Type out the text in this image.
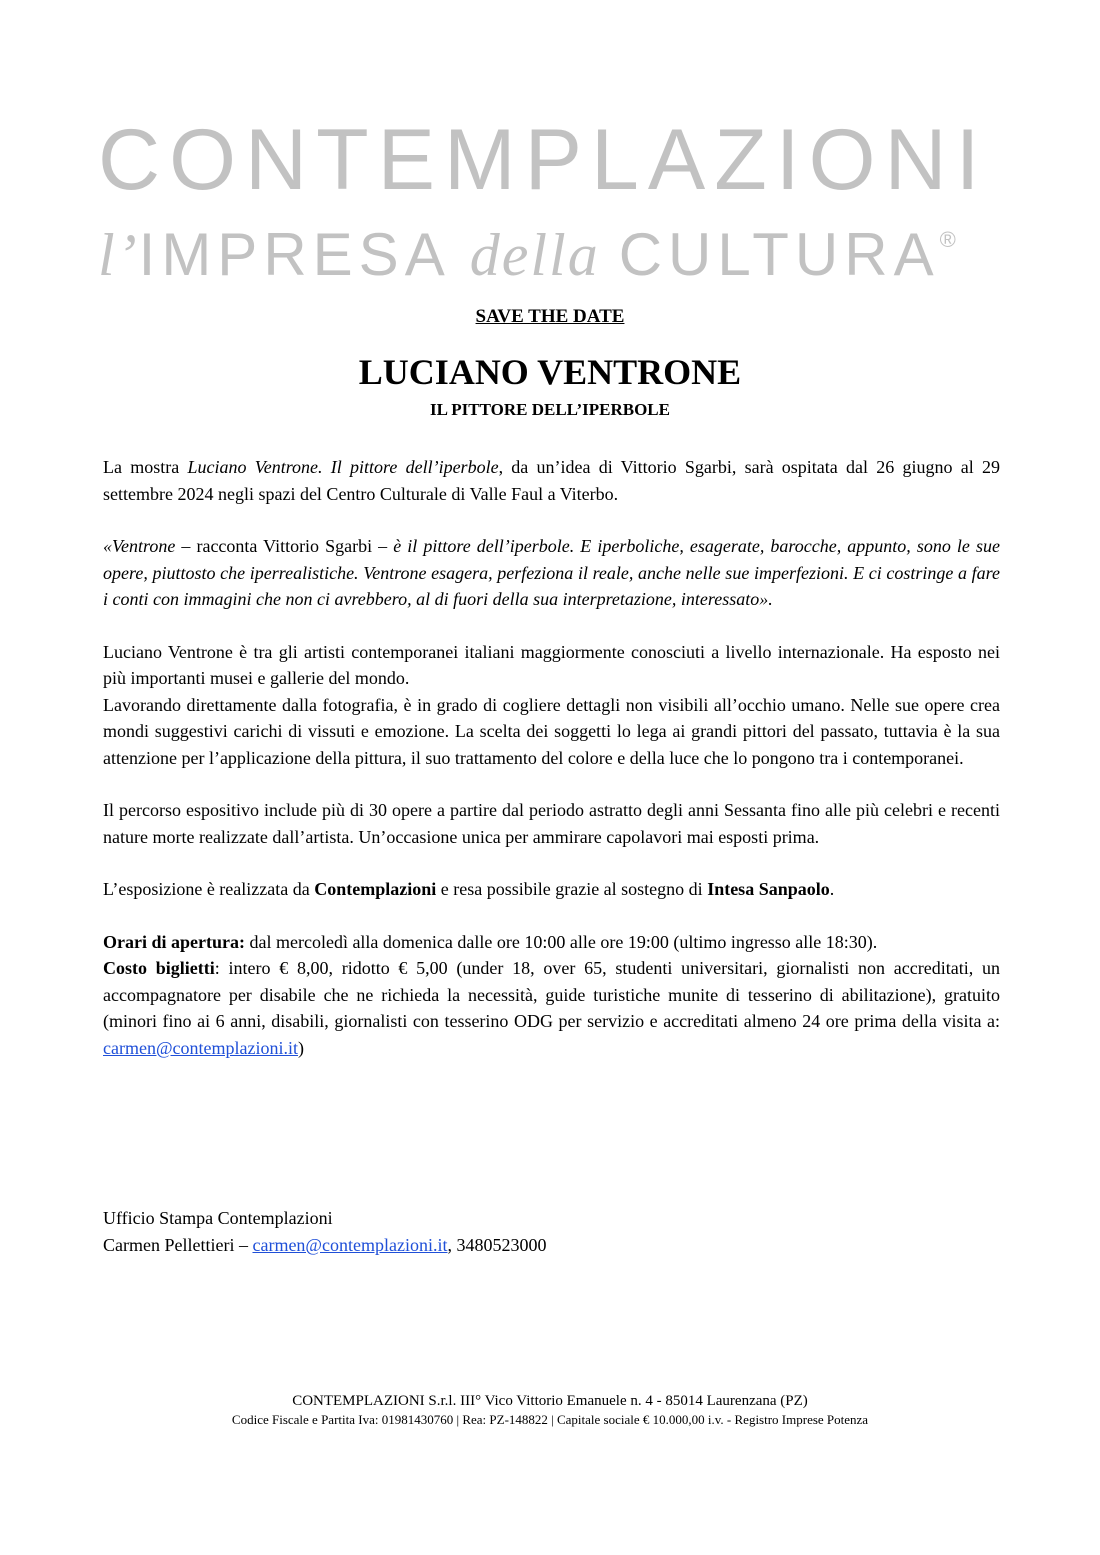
CONTEMPLAZIONI
l’IMPRESA della CULTURA®
SAVE THE DATE
LUCIANO VENTRONE
IL PITTORE DELL’IPERBOLE

La mostra Luciano Ventrone. Il pittore dell’iperbole, da un’idea di Vittorio Sgarbi, sarà ospitata dal 26 giugno al 29 settembre 2024 negli spazi del Centro Culturale di Valle Faul a Viterbo.

«Ventrone – racconta Vittorio Sgarbi – è il pittore dell’iperbole. E iperboliche, esagerate, barocche, appunto, sono le sue opere, piuttosto che iperrealistiche. Ventrone esagera, perfeziona il reale, anche nelle sue imperfezioni. E ci costringe a fare i conti con immagini che non ci avrebbero, al di fuori della sua interpretazione, interessato».

Luciano Ventrone è tra gli artisti contemporanei italiani maggiormente conosciuti a livello internazionale. Ha esposto nei più importanti musei e gallerie del mondo.

Lavorando direttamente dalla fotografia, è in grado di cogliere dettagli non visibili all’occhio umano. Nelle sue opere crea mondi suggestivi carichi di vissuti e emozione. La scelta dei soggetti lo lega ai grandi pittori del passato, tuttavia è la sua attenzione per l’applicazione della pittura, il suo trattamento del colore e della luce che lo pongono tra i contemporanei.

Il percorso espositivo include più di 30 opere a partire dal periodo astratto degli anni Sessanta fino alle più celebri e recenti nature morte realizzate dall’artista. Un’occasione unica per ammirare capolavori mai esposti prima.

L’esposizione è realizzata da Contemplazioni e resa possibile grazie al sostegno di Intesa Sanpaolo.

Orari di apertura: dal mercoledì alla domenica dalle ore 10:00 alle ore 19:00 (ultimo ingresso alle 18:30).

Costo biglietti: intero € 8,00, ridotto € 5,00 (under 18, over 65, studenti universitari, giornalisti non accreditati, un accompagnatore per disabile che ne richieda la necessità, guide turistiche munite di tesserino di abilitazione), gratuito (minori fino ai 6 anni, disabili, giornalisti con tesserino ODG per servizio e accreditati almeno 24 ore prima della visita a: carmen@contemplazioni.it)

Ufficio Stampa Contemplazioni

Carmen Pellettieri – carmen@contemplazioni.it, 3480523000

CONTEMPLAZIONI S.r.l. III° Vico Vittorio Emanuele n. 4 - 85014 Laurenzana (PZ)
Codice Fiscale e Partita Iva: 01981430760 | Rea: PZ-148822 | Capitale sociale € 10.000,00 i.v. - Registro Imprese Potenza
